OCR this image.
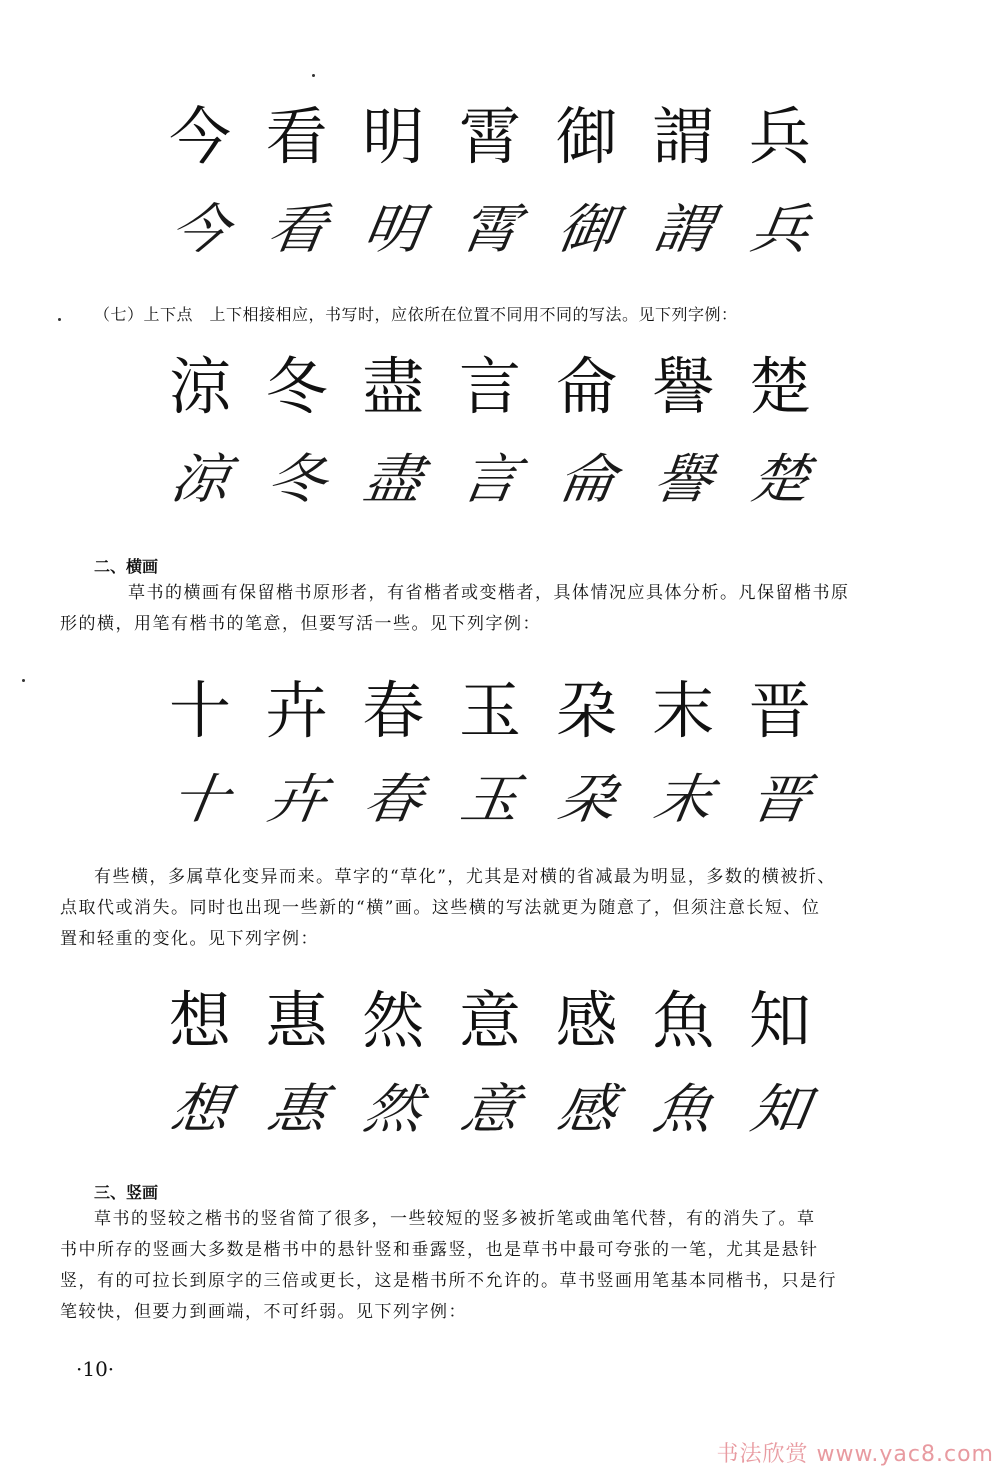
今 看 明 霄 御 謂 兵
今 看 明 霄 御 謂 兵
（七）上下点　上下相接相应，书写时，应依所在位置不同用不同的写法。见下列字例：
涼 冬 盡 言 侖 譽 楚
涼 冬 盡 言 侖 譽 楚
二、横画
草书的横画有保留楷书原形者，有省楷者或变楷者，具体情况应具体分析。凡保留楷书原
形的横，用笔有楷书的笔意，但要写活一些。见下列字例：
十 卉 春 玉 朶 末 晋
十 卉 春 玉 朶 末 晋
有些横，多属草化变异而来。草字的“草化”，尤其是对横的省减最为明显，多数的横被折、
点取代或消失。同时也出现一些新的“横”画。这些横的写法就更为随意了，但须注意长短、位
置和轻重的变化。见下列字例：
想 惠 然 意 感 魚 知
想 惠 然 意 感 魚 知
三、竖画
草书的竖较之楷书的竖省简了很多，一些较短的竖多被折笔或曲笔代替，有的消失了。草
书中所存的竖画大多数是楷书中的悬针竖和垂露竖，也是草书中最可夸张的一笔，尤其是悬针
竖，有的可拉长到原字的三倍或更长，这是楷书所不允许的。草书竖画用笔基本同楷书，只是行
笔较快，但要力到画端，不可纤弱。见下列字例：
·10·
书法欣赏 www.yac8.com
